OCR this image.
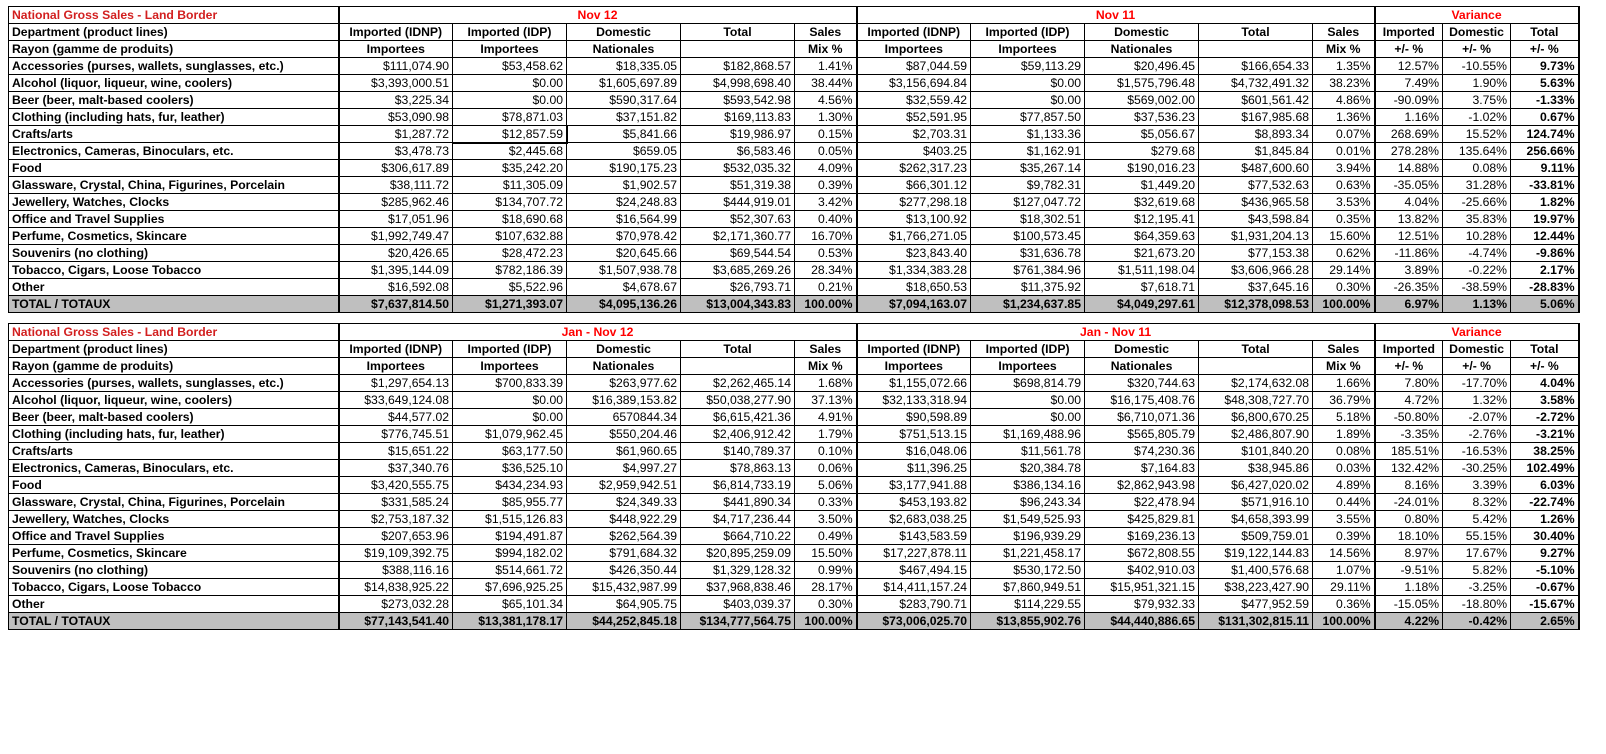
National Gross Sales - Land Border	Nov 12					Nov 11					Variance		
Department (product lines)	Imported (IDNP)	Imported (IDP)	Domestic	Total	Sales	Imported (IDNP)	Imported (IDP)	Domestic	Total	Sales	Imported	Domestic	Total
Rayon (gamme de produits)	Importees	Importees	Nationales		Mix %	Importees	Importees	Nationales		Mix %	+/- %	+/- %	+/- %
Accessories (purses, wallets, sunglasses, etc.)	$111,074.90	$53,458.62	$18,335.05	$182,868.57	1.41%	$87,044.59	$59,113.29	$20,496.45	$166,654.33	1.35%	12.57%	-10.55%	9.73%
Alcohol (liquor, liqueur, wine, coolers)	$3,393,000.51	$0.00	$1,605,697.89	$4,998,698.40	38.44%	$3,156,694.84	$0.00	$1,575,796.48	$4,732,491.32	38.23%	7.49%	1.90%	5.63%
Beer (beer, malt-based coolers)	$3,225.34	$0.00	$590,317.64	$593,542.98	4.56%	$32,559.42	$0.00	$569,002.00	$601,561.42	4.86%	-90.09%	3.75%	-1.33%
Clothing (including hats, fur, leather)	$53,090.98	$78,871.03	$37,151.82	$169,113.83	1.30%	$52,591.95	$77,857.50	$37,536.23	$167,985.68	1.36%	1.16%	-1.02%	0.67%
Crafts/arts	$1,287.72	$12,857.59	$5,841.66	$19,986.97	0.15%	$2,703.31	$1,133.36	$5,056.67	$8,893.34	0.07%	268.69%	15.52%	124.74%
Electronics, Cameras, Binoculars, etc.	$3,478.73	$2,445.68	$659.05	$6,583.46	0.05%	$403.25	$1,162.91	$279.68	$1,845.84	0.01%	278.28%	135.64%	256.66%
Food	$306,617.89	$35,242.20	$190,175.23	$532,035.32	4.09%	$262,317.23	$35,267.14	$190,016.23	$487,600.60	3.94%	14.88%	0.08%	9.11%
Glassware, Crystal, China, Figurines, Porcelain	$38,111.72	$11,305.09	$1,902.57	$51,319.38	0.39%	$66,301.12	$9,782.31	$1,449.20	$77,532.63	0.63%	-35.05%	31.28%	-33.81%
Jewellery, Watches, Clocks	$285,962.46	$134,707.72	$24,248.83	$444,919.01	3.42%	$277,298.18	$127,047.72	$32,619.68	$436,965.58	3.53%	4.04%	-25.66%	1.82%
Office and Travel Supplies	$17,051.96	$18,690.68	$16,564.99	$52,307.63	0.40%	$13,100.92	$18,302.51	$12,195.41	$43,598.84	0.35%	13.82%	35.83%	19.97%
Perfume, Cosmetics, Skincare	$1,992,749.47	$107,632.88	$70,978.42	$2,171,360.77	16.70%	$1,766,271.05	$100,573.45	$64,359.63	$1,931,204.13	15.60%	12.51%	10.28%	12.44%
Souvenirs (no clothing)	$20,426.65	$28,472.23	$20,645.66	$69,544.54	0.53%	$23,843.40	$31,636.78	$21,673.20	$77,153.38	0.62%	-11.86%	-4.74%	-9.86%
Tobacco, Cigars, Loose Tobacco	$1,395,144.09	$782,186.39	$1,507,938.78	$3,685,269.26	28.34%	$1,334,383.28	$761,384.96	$1,511,198.04	$3,606,966.28	29.14%	3.89%	-0.22%	2.17%
Other	$16,592.08	$5,522.96	$4,678.67	$26,793.71	0.21%	$18,650.53	$11,375.92	$7,618.71	$37,645.16	0.30%	-26.35%	-38.59%	-28.83%
TOTAL / TOTAUX	$7,637,814.50	$1,271,393.07	$4,095,136.26	$13,004,343.83	100.00%	$7,094,163.07	$1,234,637.85	$4,049,297.61	$12,378,098.53	100.00%	6.97%	1.13%	5.06%
National Gross Sales - Land Border	Jan - Nov 12					Jan - Nov 11					Variance		
Department (product lines)	Imported (IDNP)	Imported (IDP)	Domestic	Total	Sales	Imported (IDNP)	Imported (IDP)	Domestic	Total	Sales	Imported	Domestic	Total
Rayon (gamme de produits)	Importees	Importees	Nationales		Mix %	Importees	Importees	Nationales		Mix %	+/- %	+/- %	+/- %
Accessories (purses, wallets, sunglasses, etc.)	$1,297,654.13	$700,833.39	$263,977.62	$2,262,465.14	1.68%	$1,155,072.66	$698,814.79	$320,744.63	$2,174,632.08	1.66%	7.80%	-17.70%	4.04%
Alcohol (liquor, liqueur, wine, coolers)	$33,649,124.08	$0.00	$16,389,153.82	$50,038,277.90	37.13%	$32,133,318.94	$0.00	$16,175,408.76	$48,308,727.70	36.79%	4.72%	1.32%	3.58%
Beer (beer, malt-based coolers)	$44,577.02	$0.00	6570844.34	$6,615,421.36	4.91%	$90,598.89	$0.00	$6,710,071.36	$6,800,670.25	5.18%	-50.80%	-2.07%	-2.72%
Clothing (including hats, fur, leather)	$776,745.51	$1,079,962.45	$550,204.46	$2,406,912.42	1.79%	$751,513.15	$1,169,488.96	$565,805.79	$2,486,807.90	1.89%	-3.35%	-2.76%	-3.21%
Crafts/arts	$15,651.22	$63,177.50	$61,960.65	$140,789.37	0.10%	$16,048.06	$11,561.78	$74,230.36	$101,840.20	0.08%	185.51%	-16.53%	38.25%
Electronics, Cameras, Binoculars, etc.	$37,340.76	$36,525.10	$4,997.27	$78,863.13	0.06%	$11,396.25	$20,384.78	$7,164.83	$38,945.86	0.03%	132.42%	-30.25%	102.49%
Food	$3,420,555.75	$434,234.93	$2,959,942.51	$6,814,733.19	5.06%	$3,177,941.88	$386,134.16	$2,862,943.98	$6,427,020.02	4.89%	8.16%	3.39%	6.03%
Glassware, Crystal, China, Figurines, Porcelain	$331,585.24	$85,955.77	$24,349.33	$441,890.34	0.33%	$453,193.82	$96,243.34	$22,478.94	$571,916.10	0.44%	-24.01%	8.32%	-22.74%
Jewellery, Watches, Clocks	$2,753,187.32	$1,515,126.83	$448,922.29	$4,717,236.44	3.50%	$2,683,038.25	$1,549,525.93	$425,829.81	$4,658,393.99	3.55%	0.80%	5.42%	1.26%
Office and Travel Supplies	$207,653.96	$194,491.87	$262,564.39	$664,710.22	0.49%	$143,583.59	$196,939.29	$169,236.13	$509,759.01	0.39%	18.10%	55.15%	30.40%
Perfume, Cosmetics, Skincare	$19,109,392.75	$994,182.02	$791,684.32	$20,895,259.09	15.50%	$17,227,878.11	$1,221,458.17	$672,808.55	$19,122,144.83	14.56%	8.97%	17.67%	9.27%
Souvenirs (no clothing)	$388,116.16	$514,661.72	$426,350.44	$1,329,128.32	0.99%	$467,494.15	$530,172.50	$402,910.03	$1,400,576.68	1.07%	-9.51%	5.82%	-5.10%
Tobacco, Cigars, Loose Tobacco	$14,838,925.22	$7,696,925.25	$15,432,987.99	$37,968,838.46	28.17%	$14,411,157.24	$7,860,949.51	$15,951,321.15	$38,223,427.90	29.11%	1.18%	-3.25%	-0.67%
Other	$273,032.28	$65,101.34	$64,905.75	$403,039.37	0.30%	$283,790.71	$114,229.55	$79,932.33	$477,952.59	0.36%	-15.05%	-18.80%	-15.67%
TOTAL / TOTAUX	$77,143,541.40	$13,381,178.17	$44,252,845.18	$134,777,564.75	100.00%	$73,006,025.70	$13,855,902.76	$44,440,886.65	$131,302,815.11	100.00%	4.22%	-0.42%	2.65%
